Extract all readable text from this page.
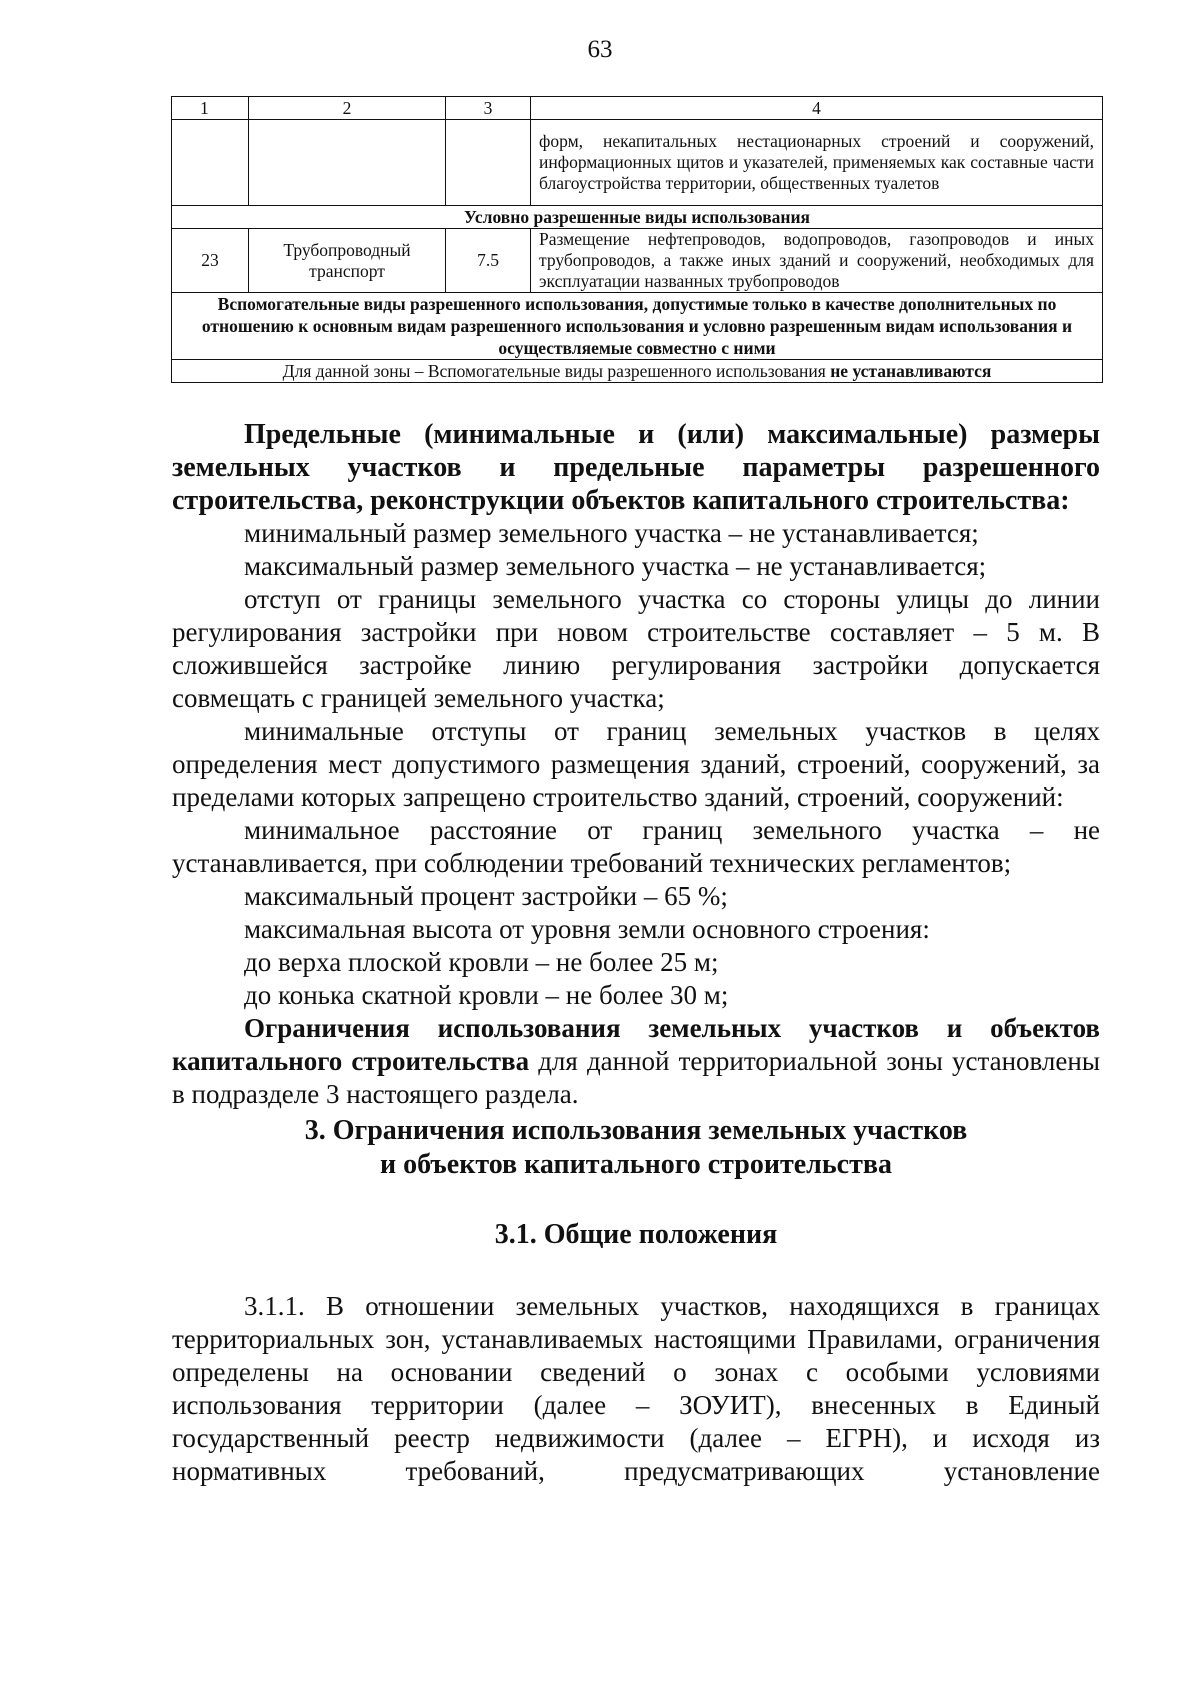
63
1	2	3	4
			форм, некапитальных нестационарных строений и сооружений, информационных щитов и указателей, применяемых как составные части благоустройства территории, общественных туалетов
Условно разрешенные виды использования			
23	Трубопроводный транспорт	7.5	Размещение нефтепроводов, водопроводов, газопроводов и иных трубопроводов, а также иных зданий и сооружений, необходимых для эксплуатации названных трубопроводов
Вспомогательные виды разрешенного использования, допустимые только в качестве дополнительных по отношению к основным видам разрешенного использования и условно разрешенным видам использования и осуществляемые совместно с ними			
Для данной зоны – Вспомогательные виды разрешенного использования не устанавливаются			

Предельные (минимальные и (или) максимальные) размеры земельных участков и предельные параметры разрешенного строительства, реконструкции объектов капитального строительства:

минимальный размер земельного участка – не устанавливается;

максимальный размер земельного участка – не устанавливается;

отступ от границы земельного участка со стороны улицы до линии регулирования застройки при новом строительстве составляет – 5 м. В сложившейся застройке линию регулирования застройки допускается совмещать с границей земельного участка;

минимальные отступы от границ земельных участков в целях определения мест допустимого размещения зданий, строений, сооружений, за пределами которых запрещено строительство зданий, строений, сооружений:

минимальное расстояние от границ земельного участка – не устанавливается, при соблюдении требований технических регламентов;

максимальный процент застройки – 65 %;

максимальная высота от уровня земли основного строения:

до верха плоской кровли – не более 25 м;

до конька скатной кровли – не более 30 м;

Ограничения использования земельных участков и объектов капитального строительства для данной территориальной зоны установлены в подразделе 3 настоящего раздела.

3. Ограничения использования земельных участков
и объектов капитального строительства
3.1. Общие положения

3.1.1. В отношении земельных участков, находящихся в границах территориальных зон, устанавливаемых настоящими Правилами, ограничения определены на основании сведений о зонах с особыми условиями использования территории (далее – ЗОУИТ), внесенных в Единый государственный реестр недвижимости (далее – ЕГРН), и исходя из нормативных требований, предусматривающих установление
